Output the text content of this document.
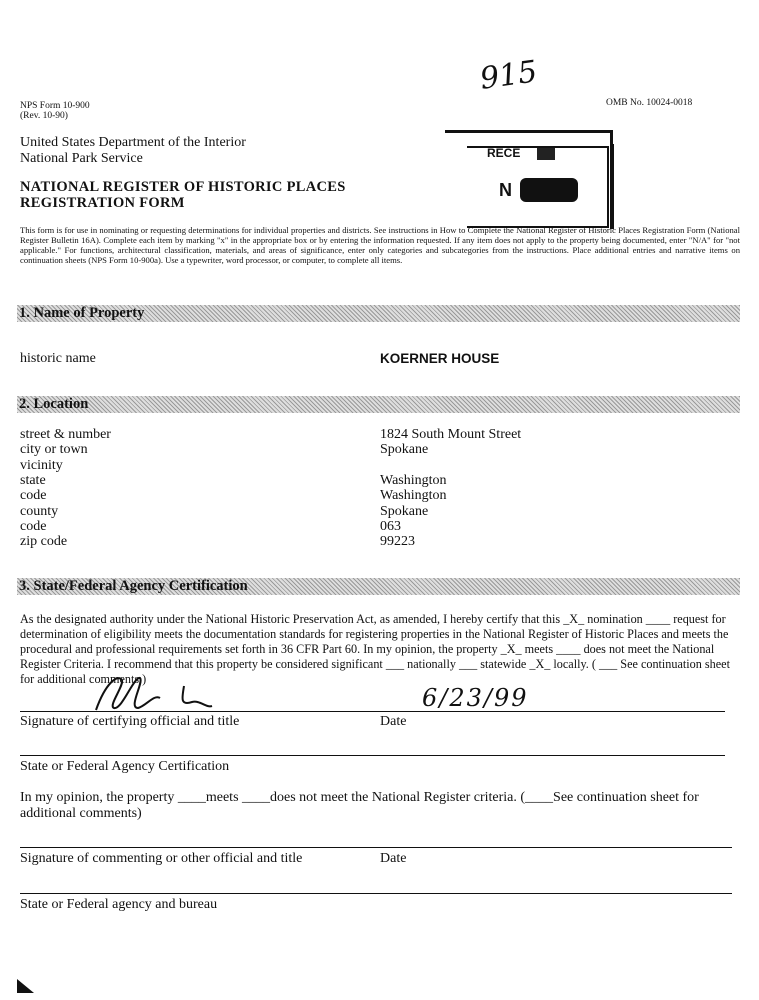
915
NPS Form 10-900
(Rev. 10-90)
OMB No. 10024-0018
United States Department of the Interior
National Park Service
NATIONAL REGISTER OF HISTORIC PLACES
REGISTRATION FORM
RECE
N
This form is for use in nominating or requesting determinations for individual properties and districts. See instructions in How to Complete the National Register of Historic Places Registration Form (National Register Bulletin 16A). Complete each item by marking "x" in the appropriate box or by entering the information requested. If any item does not apply to the property being documented, enter "N/A" for "not applicable." For functions, architectural classification, materials, and areas of significance, enter only categories and subcategories from the instructions. Place additional entries and narrative items on continuation sheets (NPS Form 10-900a). Use a typewriter, word processor, or computer, to complete all items.
1. Name of Property
historic name	KOERNER HOUSE
2. Location
street & number	1824 South Mount Street
city or town	Spokane
vicinity
state	Washington
code	Washington
county	Spokane
code	063
zip code	99223
3. State/Federal Agency Certification
As the designated authority under the National Historic Preservation Act, as amended, I hereby certify that this _X_ nomination ____ request for determination of eligibility meets the documentation standards for registering properties in the National Register of Historic Places and meets the procedural and professional requirements set forth in 36 CFR Part 60. In my opinion, the property _X_ meets ____ does not meet the National Register Criteria. I recommend that this property be considered significant ___ nationally ___ statewide _X_ locally. ( ___ See continuation sheet for additional comments.)
6/23/99
Signature of certifying official and title	Date
State or Federal Agency Certification
In my opinion, the property ____meets ____does not meet the National Register criteria. (____See continuation sheet for additional comments)
Signature of commenting or other official and title	Date
State or Federal agency and bureau
